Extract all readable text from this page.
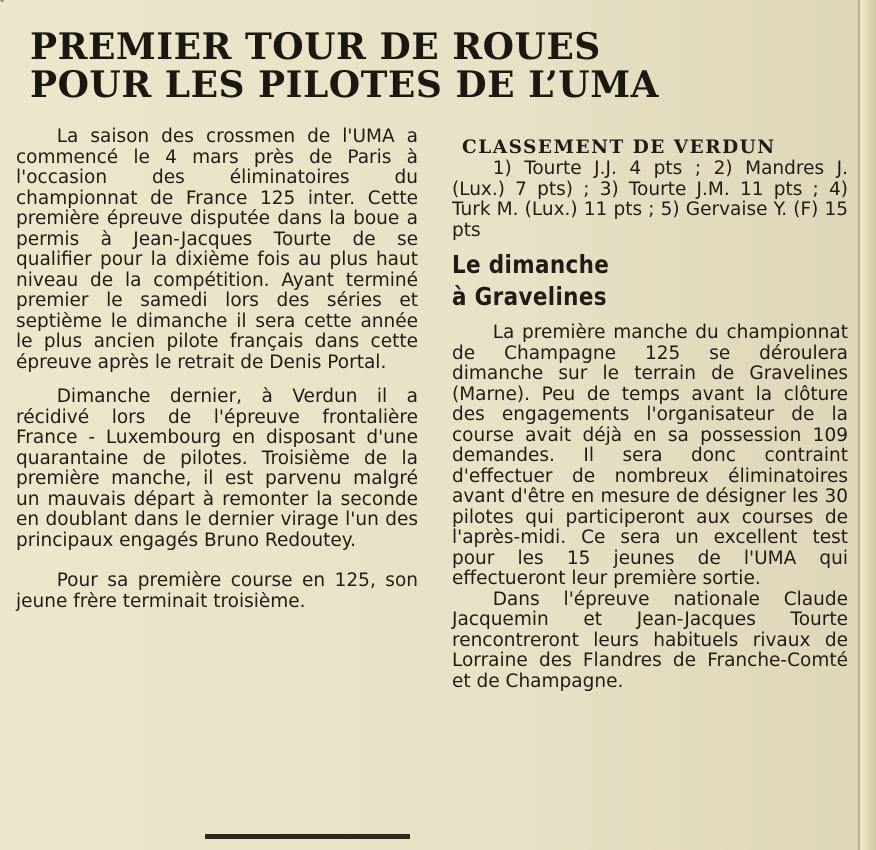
"
PREMIER TOUR DE ROUES
POUR LES PILOTES DE L’UMA

La saison des crossmen de l'UMA a commencé le 4 mars près de Paris à l'occasion des éliminatoires du championnat de France 125 inter. Cette première épreuve disputée dans la boue a permis à Jean-Jacques Tourte de se qualifier pour la dixième fois au plus haut niveau de la compétition. Ayant terminé premier le samedi lors des séries et septième le dimanche il sera cette année le plus ancien pilote français dans cette épreuve après le retrait de Denis Portal.

Dimanche dernier, à Verdun il a récidivé lors de l'épreuve frontalière France - Luxembourg en disposant d'une quarantaine de pilotes. Troisième de la première manche, il est parvenu malgré un mauvais départ à remonter la seconde en doublant dans le dernier virage l'un des principaux engagés Bruno Redoutey.

Pour sa première course en 125, son jeune frère terminait troisième.

CLASSEMENT DE VERDUN

1) Tourte J.J. 4 pts ; 2) Mandres J. (Lux.) 7 pts) ; 3) Tourte J.M. 11 pts ; 4) Turk M. (Lux.) 11 pts ; 5) Gervaise Y. (F) 15 pts

Le dimanche
à Gravelines

La première manche du championnat de Champagne 125 se déroulera dimanche sur le terrain de Gravelines (Marne). Peu de temps avant la clôture des engagements l'organisateur de la course avait déjà en sa possession 109 demandes. Il sera donc contraint d'effectuer de nombreux éliminatoires avant d'être en mesure de désigner les 30 pilotes qui participeront aux courses de l'après-midi. Ce sera un excellent test pour les 15 jeunes de l'UMA qui effectueront leur première sortie.

Dans l'épreuve nationale Claude Jacquemin et Jean-Jacques Tourte rencontreront leurs habituels rivaux de Lorraine des Flandres de Franche-Comté et de Champagne.
